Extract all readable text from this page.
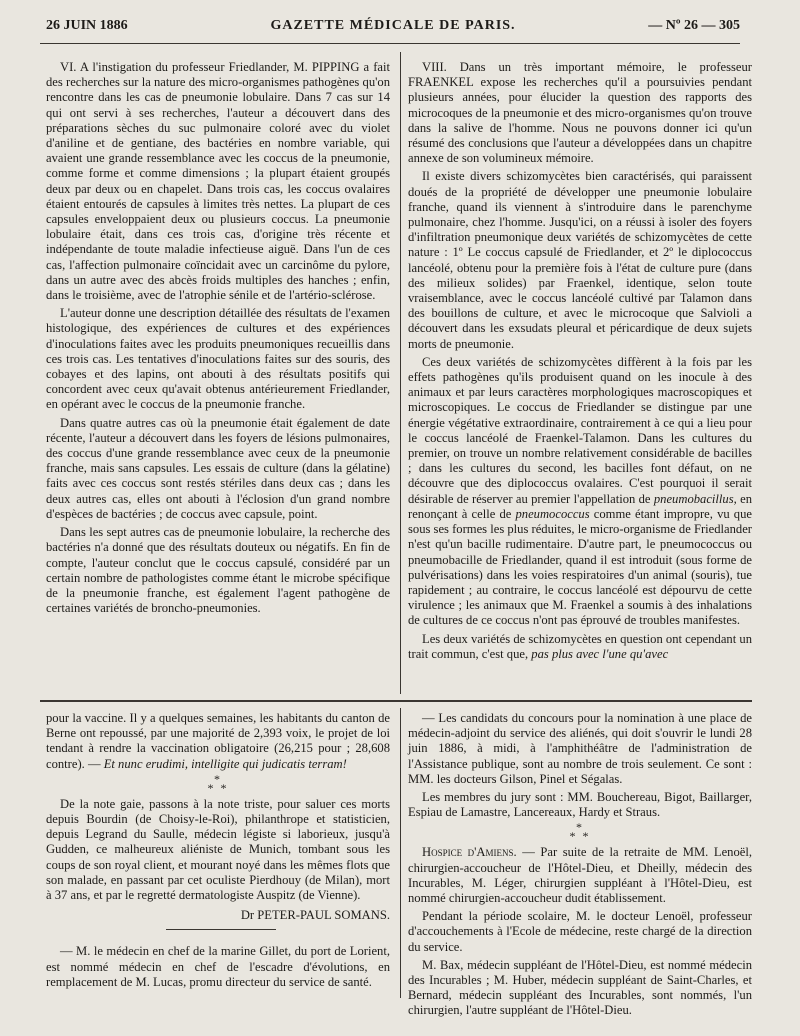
26 JUIN 1886	GAZETTE MÉDICALE DE PARIS.	— Nº 26 — 305

VI. A l'instigation du professeur Friedlander, M. PIPPING a fait des recherches sur la nature des micro-organismes pathogènes qu'on rencontre dans les cas de pneumonie lobulaire. Dans 7 cas sur 14 qui ont servi à ses recherches, l'auteur a découvert dans des préparations sèches du suc pulmonaire coloré avec du violet d'aniline et de gentiane, des bactéries en nombre variable, qui avaient une grande ressemblance avec les coccus de la pneumonie, comme forme et comme dimensions ; la plupart étaient groupés deux par deux ou en chapelet. Dans trois cas, les coccus ovalaires étaient entourés de capsules à limites très nettes. La plupart de ces capsules enveloppaient deux ou plusieurs coccus. La pneumonie lobulaire était, dans ces trois cas, d'origine très récente et indépendante de toute maladie infectieuse aiguë. Dans l'un de ces cas, l'affection pulmonaire coïncidait avec un carcinôme du pylore, dans un autre avec des abcès froids multiples des hanches ; enfin, dans le troisième, avec de l'atrophie sénile et de l'artério-sclérose.

L'auteur donne une description détaillée des résultats de l'examen histologique, des expériences de cultures et des expériences d'inoculations faites avec les produits pneumoniques recueillis dans ces trois cas. Les tentatives d'inoculations faites sur des souris, des cobayes et des lapins, ont abouti à des résultats positifs qui concordent avec ceux qu'avait obtenus antérieurement Friedlander, en opérant avec le coccus de la pneumonie franche.

Dans quatre autres cas où la pneumonie était également de date récente, l'auteur a découvert dans les foyers de lésions pulmonaires, des coccus d'une grande ressemblance avec ceux de la pneumonie franche, mais sans capsules. Les essais de culture (dans la gélatine) faits avec ces coccus sont restés stériles dans deux cas ; dans les deux autres cas, elles ont abouti à l'éclosion d'un grand nombre d'espèces de bactéries ; de coccus avec capsule, point.

Dans les sept autres cas de pneumonie lobulaire, la recherche des bactéries n'a donné que des résultats douteux ou négatifs. En fin de compte, l'auteur conclut que le coccus capsulé, considéré par un certain nombre de pathologistes comme étant le microbe spécifique de la pneumonie franche, est également l'agent pathogène de certaines variétés de broncho-pneumonies.

VIII. Dans un très important mémoire, le professeur FRAENKEL expose les recherches qu'il a poursuivies pendant plusieurs années, pour élucider la question des rapports des microcoques de la pneumonie et des micro-organismes qu'on trouve dans la salive de l'homme. Nous ne pouvons donner ici qu'un résumé des conclusions que l'auteur a développées dans un chapitre annexe de son volumineux mémoire.

Il existe divers schizomycètes bien caractérisés, qui paraissent doués de la propriété de développer une pneumonie lobulaire franche, quand ils viennent à s'introduire dans le parenchyme pulmonaire, chez l'homme. Jusqu'ici, on a réussi à isoler des foyers d'infiltration pneumonique deux variétés de schizomycètes de cette nature : 1º Le coccus capsulé de Friedlander, et 2º le diplococcus lancéolé, obtenu pour la première fois à l'état de culture pure (dans des milieux solides) par Fraenkel, identique, selon toute vraisemblance, avec le coccus lancéolé cultivé par Talamon dans des bouillons de culture, et avec le microcoque que Salvioli a découvert dans les exsudats pleural et péricardique de deux sujets morts de pneumonie.

Ces deux variétés de schizomycètes diffèrent à la fois par les effets pathogènes qu'ils produisent quand on les inocule à des animaux et par leurs caractères morphologiques macroscopiques et microscopiques. Le coccus de Friedlander se distingue par une énergie végétative extraordinaire, contrairement à ce qui a lieu pour le coccus lancéolé de Fraenkel-Talamon. Dans les cultures du premier, on trouve un nombre relativement considérable de bacilles ; dans les cultures du second, les bacilles font défaut, on ne découvre que des diplococcus ovalaires. C'est pourquoi il serait désirable de réserver au premier l'appellation de pneumobacillus, en renonçant à celle de pneumococcus comme étant impropre, vu que sous ses formes les plus réduites, le micro-organisme de Friedlander n'est qu'un bacille rudimentaire. D'autre part, le pneumococcus ou pneumobacille de Friedlander, quand il est introduit (sous forme de pulvérisations) dans les voies respiratoires d'un animal (souris), tue rapidement ; au contraire, le coccus lancéolé est dépourvu de cette virulence ; les animaux que M. Fraenkel a soumis à des inhalations de cultures de ce coccus n'ont pas éprouvé de troubles manifestes.

Les deux variétés de schizomycètes en question ont cependant un trait commun, c'est que, pas plus avec l'une qu'avec

pour la vaccine. Il y a quelques semaines, les habitants du canton de Berne ont repoussé, par une majorité de 2,393 voix, le projet de loi tendant à rendre la vaccination obligatoire (26,215 pour ; 28,608 contre). — Et nunc erudimi, intelligite qui judicatis terram!

*
* *

De la note gaie, passons à la note triste, pour saluer ces morts depuis Bourdin (de Choisy-le-Roi), philanthrope et statisticien, depuis Legrand du Saulle, médecin légiste si laborieux, jusqu'à Gudden, ce malheureux aliéniste de Munich, tombant sous les coups de son royal client, et mourant noyé dans les mêmes flots que son malade, en passant par cet oculiste Pierdhouy (de Milan), mort à 37 ans, et par le regretté dermatologiste Auspitz (de Vienne).

Dr PETER-PAUL SOMANS.

— M. le médecin en chef de la marine Gillet, du port de Lorient, est nommé médecin en chef de l'escadre d'évolutions, en remplacement de M. Lucas, promu directeur du service de santé.

— Les candidats du concours pour la nomination à une place de médecin-adjoint du service des aliénés, qui doit s'ouvrir le lundi 28 juin 1886, à midi, à l'amphithéâtre de l'administration de l'Assistance publique, sont au nombre de trois seulement. Ce sont : MM. les docteurs Gilson, Pinel et Ségalas.

Les membres du jury sont : MM. Bouchereau, Bigot, Baillarger, Espiau de Lamastre, Lancereaux, Hardy et Straus.

*
* *

Hospice d'Amiens. — Par suite de la retraite de MM. Lenoël, chirurgien-accoucheur de l'Hôtel-Dieu, et Dheilly, médecin des Incurables, M. Léger, chirurgien suppléant à l'Hôtel-Dieu, est nommé chirurgien-accoucheur dudit établissement.

Pendant la période scolaire, M. le docteur Lenoël, professeur d'accouchements à l'Ecole de médecine, reste chargé de la direction du service.

M. Bax, médecin suppléant de l'Hôtel-Dieu, est nommé médecin des Incurables ; M. Huber, médecin suppléant de Saint-Charles, et Bernard, médecin suppléant des Incurables, sont nommés, l'un chirurgien, l'autre suppléant de l'Hôtel-Dieu.
